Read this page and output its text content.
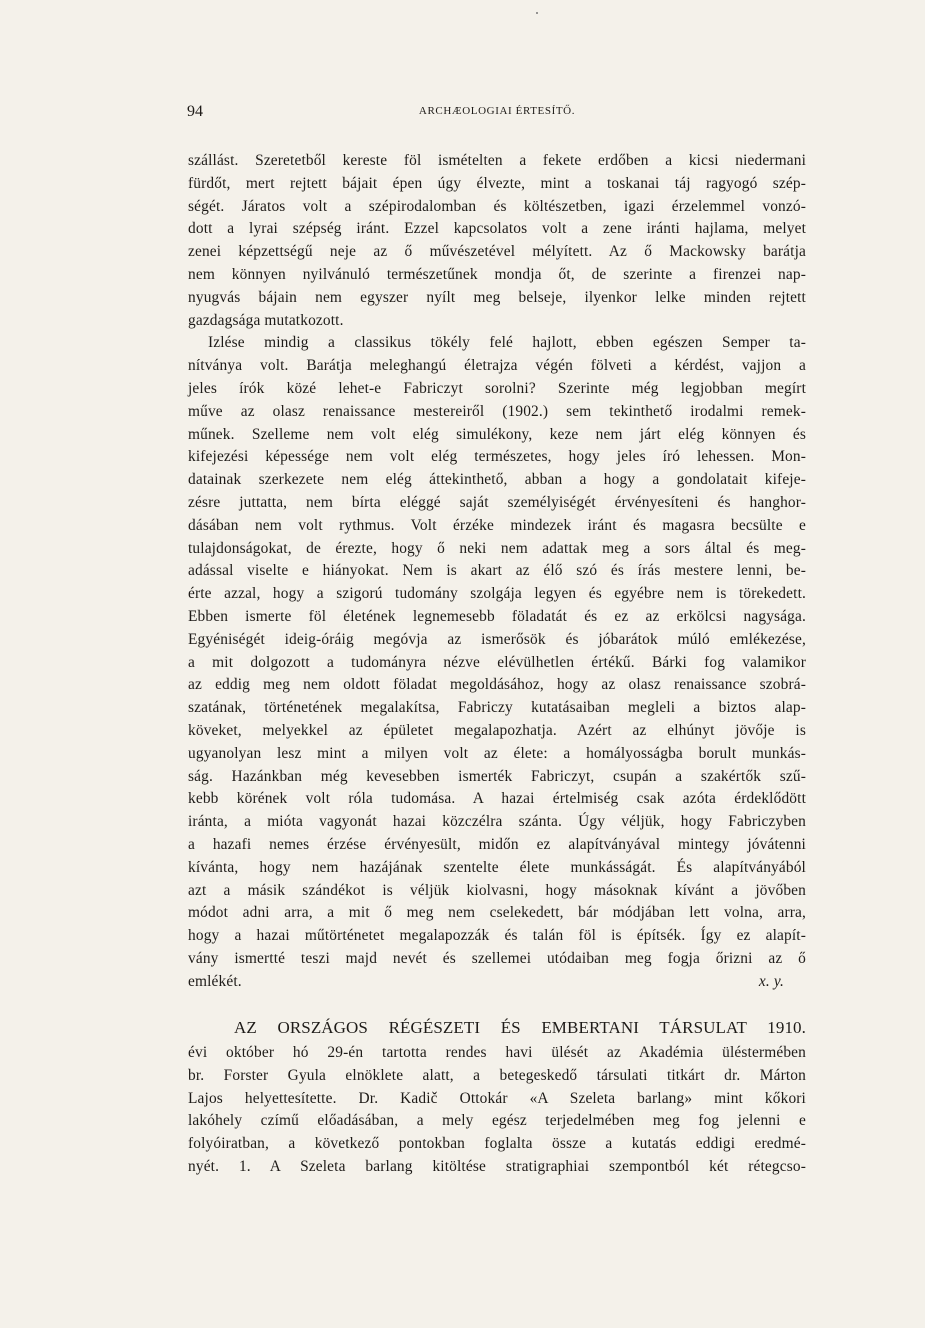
94	ARCHÆOLOGIAI ÉRTESÍTŐ.
szállást. Szeretetből kereste föl ismételten a fekete erdőben a kicsi niedermani
fürdőt, mert rejtett bájait épen úgy élvezte, mint a toskanai táj ragyogó szép-
ségét. Járatos volt a szépirodalomban és költészetben, igazi érzelemmel vonzó-
dott a lyrai szépség iránt. Ezzel kapcsolatos volt a zene iránti hajlama, melyet
zenei képzettségű neje az ő művészetével mélyített. Az ő Mackowsky barátja
nem könnyen nyilvánuló természetűnek mondja őt, de szerinte a firenzei nap-
nyugvás bájain nem egyszer nyílt meg belseje, ilyenkor lelke minden rejtett
gazdagsága mutatkozott.
Izlése mindig a classikus tökély felé hajlott, ebben egészen Semper ta-
nítványa volt. Barátja meleghangú életrajza végén fölveti a kérdést, vajjon a
jeles írók közé lehet-e Fabriczyt sorolni? Szerinte még legjobban megírt
műve az olasz renaissance mestereiről (1902.) sem tekinthető irodalmi remek-
műnek. Szelleme nem volt elég simulékony, keze nem járt elég könnyen és
kifejezési képessége nem volt elég természetes, hogy jeles író lehessen. Mon-
datainak szerkezete nem elég áttekinthető, abban a hogy a gondolatait kifeje-
zésre juttatta, nem bírta eléggé saját személyiségét érvényesíteni és hanghor-
dásában nem volt rythmus. Volt érzéke mindezek iránt és magasra becsülte e
tulajdonságokat, de érezte, hogy ő neki nem adattak meg a sors által és meg-
adással viselte e hiányokat. Nem is akart az élő szó és írás mestere lenni, be-
érte azzal, hogy a szigorú tudomány szolgája legyen és egyébre nem is törekedett.
Ebben ismerte föl életének legnemesebb föladatát és ez az erkölcsi nagysága.
Egyéniségét ideig-óráig megóvja az ismerősök és jóbarátok múló emlékezése,
a mit dolgozott a tudományra nézve elévülhetlen értékű. Bárki fog valamikor
az eddig meg nem oldott föladat megoldásához, hogy az olasz renaissance szobrá-
szatának, történetének megalakítsa, Fabriczy kutatásaiban megleli a biztos alap-
köveket, melyekkel az épületet megalapozhatja. Azért az elhúnyt jövője is
ugyanolyan lesz mint a milyen volt az élete: a homályosságba borult munkás-
ság. Hazánkban még kevesebben ismerték Fabriczyt, csupán a szakértők szű-
kebb körének volt róla tudomása. A hazai értelmiség csak azóta érdeklődött
iránta, a mióta vagyonát hazai közczélra szánta. Úgy véljük, hogy Fabriczyben
a hazafi nemes érzése érvényesült, midőn ez alapítványával mintegy jóvátenni
kívánta, hogy nem hazájának szentelte élete munkásságát. És alapítványából
azt a másik szándékot is véljük kiolvasni, hogy másoknak kívánt a jövőben
módot adni arra, a mit ő meg nem cselekedett, bár módjában lett volna, arra,
hogy a hazai műtörténetet megalapozzák és talán föl is építsék. Így ez alapít-
vány ismertté teszi majd nevét és szellemei utódaiban meg fogja őrizni az ő
emlékét.	x. y.
AZ ORSZÁGOS RÉGÉSZETI ÉS EMBERTANI TÁRSULAT 1910.
évi október hó 29-én tartotta rendes havi ülését az Akadémia üléstermében
br. Forster Gyula elnöklete alatt, a betegeskedő társulati titkárt dr. Márton
Lajos helyettesítette. Dr. Kadič Ottokár «A Szeleta barlang» mint kőkori
lakóhely czímű előadásában, a mely egész terjedelmében meg fog jelenni e
folyóiratban, a következő pontokban foglalta össze a kutatás eddigi eredmé-
nyét. 1. A Szeleta barlang kitöltése stratigraphiai szempontból két rétegcso-
